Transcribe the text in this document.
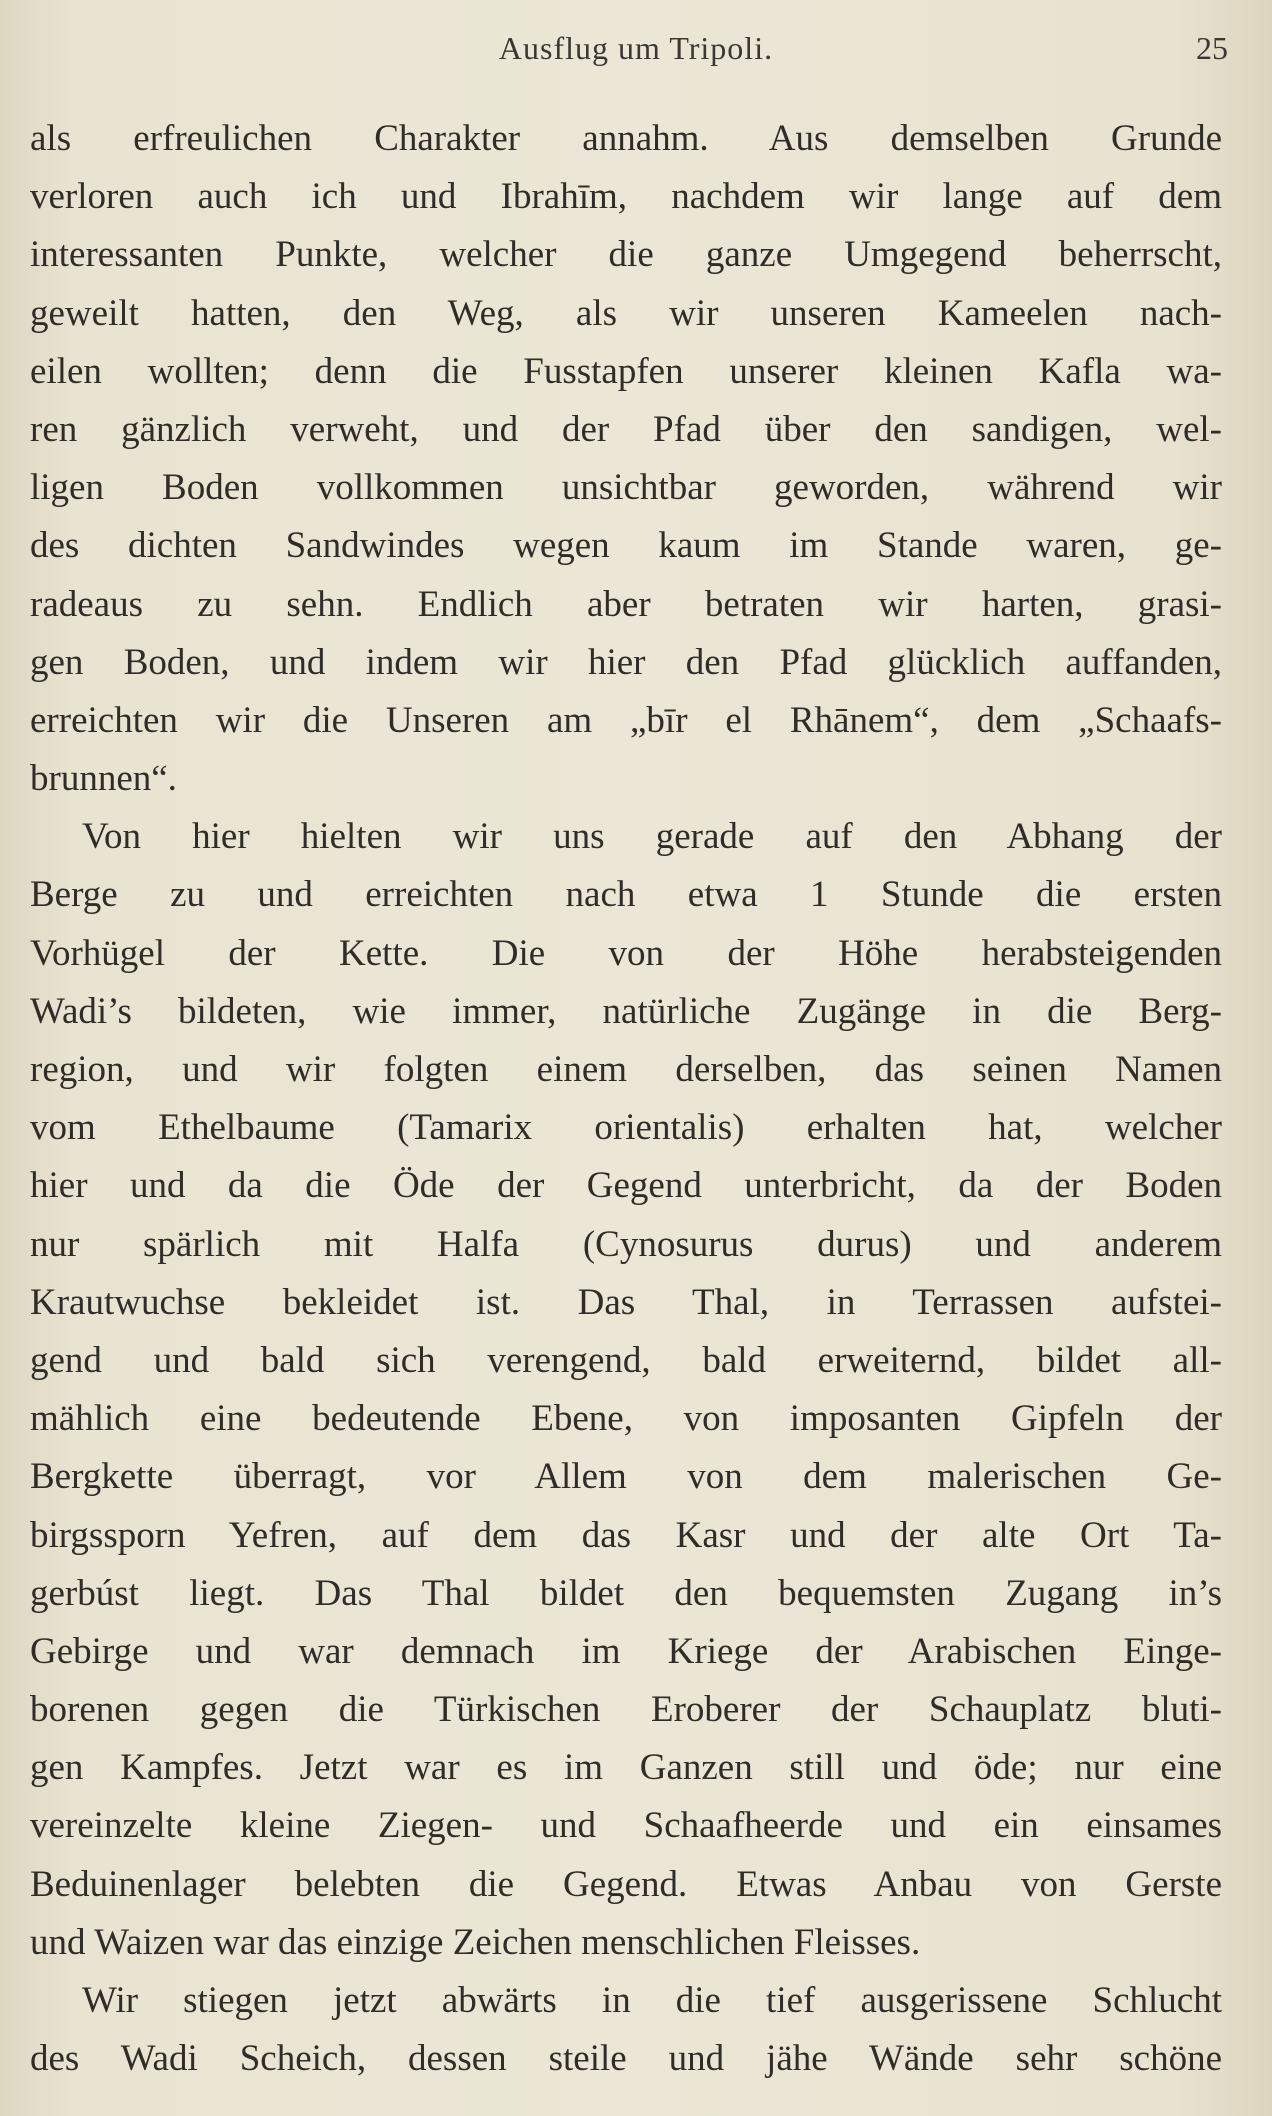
Ausflug um Tripoli.	25
als erfreulichen Charakter annahm. Aus demselben Grunde
verloren auch ich und Ibrahīm, nachdem wir lange auf dem
interessanten Punkte, welcher die ganze Umgegend beherrscht,
geweilt hatten, den Weg, als wir unseren Kameelen nach-
eilen wollten; denn die Fusstapfen unserer kleinen Kafla wa-
ren gänzlich verweht, und der Pfad über den sandigen, wel-
ligen Boden vollkommen unsichtbar geworden, während wir
des dichten Sandwindes wegen kaum im Stande waren, ge-
radeaus zu sehn. Endlich aber betraten wir harten, grasi-
gen Boden, und indem wir hier den Pfad glücklich auffanden,
erreichten wir die Unseren am „bīr el Rhānem“, dem „Schaafs-
brunnen“.
Von hier hielten wir uns gerade auf den Abhang der
Berge zu und erreichten nach etwa 1 Stunde die ersten
Vorhügel der Kette. Die von der Höhe herabsteigenden
Wadi’s bildeten, wie immer, natürliche Zugänge in die Berg-
region, und wir folgten einem derselben, das seinen Namen
vom Ethelbaume (Tamarix orientalis) erhalten hat, welcher
hier und da die Öde der Gegend unterbricht, da der Boden
nur spärlich mit Halfa (Cynosurus durus) und anderem
Krautwuchse bekleidet ist. Das Thal, in Terrassen aufstei-
gend und bald sich verengend, bald erweiternd, bildet all-
mählich eine bedeutende Ebene, von imposanten Gipfeln der
Bergkette überragt, vor Allem von dem malerischen Ge-
birgssporn Yefren, auf dem das Kasr und der alte Ort Ta-
gerbúst liegt. Das Thal bildet den bequemsten Zugang in’s
Gebirge und war demnach im Kriege der Arabischen Einge-
borenen gegen die Türkischen Eroberer der Schauplatz bluti-
gen Kampfes. Jetzt war es im Ganzen still und öde; nur eine
vereinzelte kleine Ziegen- und Schaafheerde und ein einsames
Beduinenlager belebten die Gegend. Etwas Anbau von Gerste
und Waizen war das einzige Zeichen menschlichen Fleisses.
Wir stiegen jetzt abwärts in die tief ausgerissene Schlucht
des Wadi Scheich, dessen steile und jähe Wände sehr schöne
